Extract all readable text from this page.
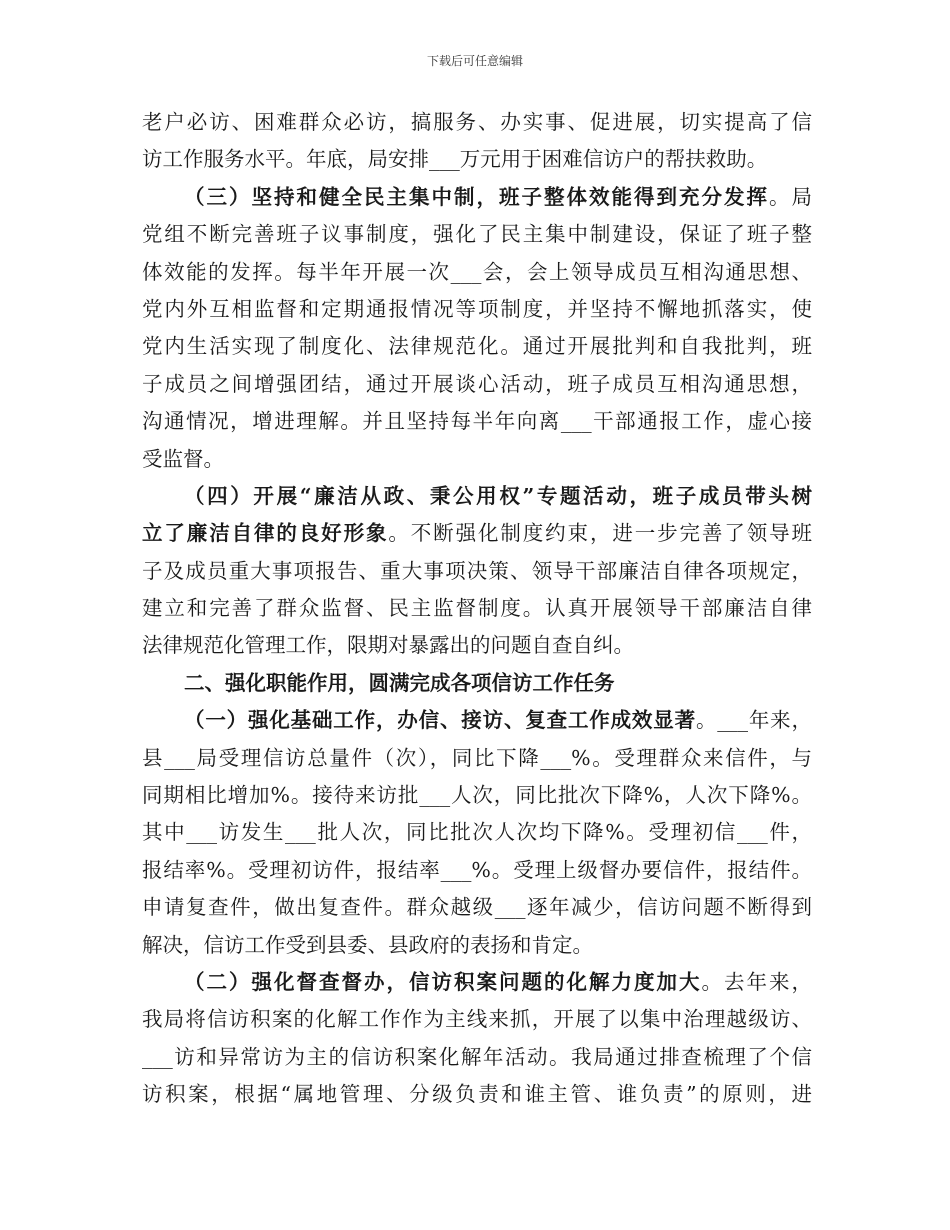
下载后可任意编辑
老户必访、困难群众必访，搞服务、办实事、促进展，切实提高了信
访工作服务水平。年底，局安排___万元用于困难信访户的帮扶救助。
（三）坚持和健全民主集中制，班子整体效能得到充分发挥。局
党组不断完善班子议事制度，强化了民主集中制建设，保证了班子整
体效能的发挥。每半年开展一次___会，会上领导成员互相沟通思想、
党内外互相监督和定期通报情况等项制度，并坚持不懈地抓落实，使
党内生活实现了制度化、法律规范化。通过开展批判和自我批判，班
子成员之间增强团结，通过开展谈心活动，班子成员互相沟通思想，
沟通情况，增进理解。并且坚持每半年向离___干部通报工作，虚心接
受监督。
（四）开展“廉洁从政、秉公用权”专题活动，班子成员带头树
立了廉洁自律的良好形象。不断强化制度约束，进一步完善了领导班
子及成员重大事项报告、重大事项决策、领导干部廉洁自律各项规定，
建立和完善了群众监督、民主监督制度。认真开展领导干部廉洁自律
法律规范化管理工作，限期对暴露出的问题自查自纠。
二、强化职能作用，圆满完成各项信访工作任务
（一）强化基础工作，办信、接访、复查工作成效显著。___年来，
县___局受理信访总量件（次），同比下降___%。受理群众来信件，与
同期相比增加%。接待来访批___人次，同比批次下降%，人次下降%。
其中___访发生___批人次，同比批次人次均下降%。受理初信___件，
报结率%。受理初访件，报结率___%。受理上级督办要信件，报结件。
申请复查件，做出复查件。群众越级___逐年减少，信访问题不断得到
解决，信访工作受到县委、县政府的表扬和肯定。
（二）强化督查督办，信访积案问题的化解力度加大。去年来，
我局将信访积案的化解工作作为主线来抓，开展了以集中治理越级访、
___访和异常访为主的信访积案化解年活动。我局通过排查梳理了个信
访积案，根据“属地管理、分级负责和谁主管、谁负责”的原则，进
